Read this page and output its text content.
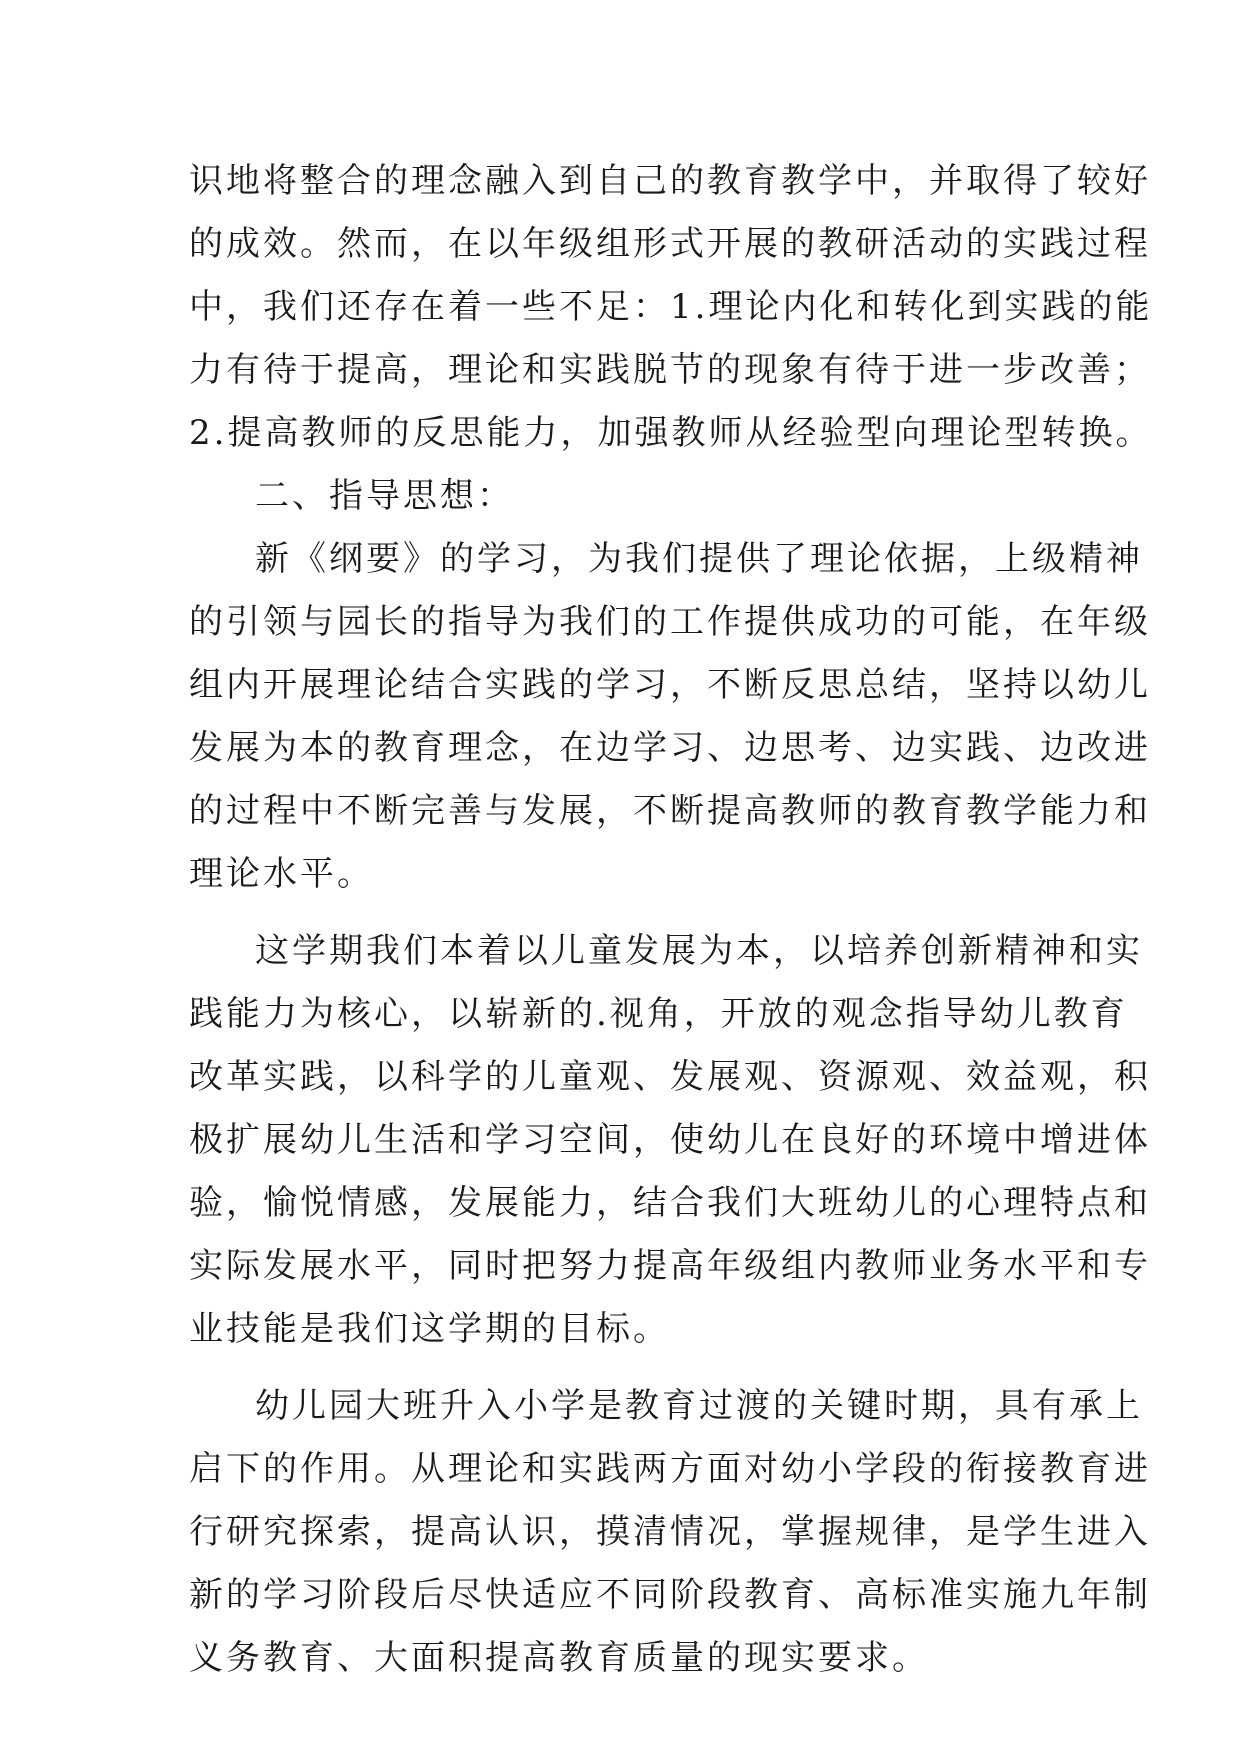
识地将整合的理念融入到自己的教育教学中，并取得了较好
的成效。然而，在以年级组形式开展的教研活动的实践过程
中，我们还存在着一些不足：1.理论内化和转化到实践的能
力有待于提高，理论和实践脱节的现象有待于进一步改善；
2.提高教师的反思能力，加强教师从经验型向理论型转换。
二、指导思想：
新《纲要》的学习，为我们提供了理论依据，上级精神
的引领与园长的指导为我们的工作提供成功的可能，在年级
组内开展理论结合实践的学习，不断反思总结，坚持以幼儿
发展为本的教育理念，在边学习、边思考、边实践、边改进
的过程中不断完善与发展，不断提高教师的教育教学能力和
理论水平。
这学期我们本着以儿童发展为本，以培养创新精神和实
践能力为核心，以崭新的.视角，开放的观念指导幼儿教育
改革实践，以科学的儿童观、发展观、资源观、效益观，积
极扩展幼儿生活和学习空间，使幼儿在良好的环境中增进体
验，愉悦情感，发展能力，结合我们大班幼儿的心理特点和
实际发展水平，同时把努力提高年级组内教师业务水平和专
业技能是我们这学期的目标。
幼儿园大班升入小学是教育过渡的关键时期，具有承上
启下的作用。从理论和实践两方面对幼小学段的衔接教育进
行研究探索，提高认识，摸清情况，掌握规律，是学生进入
新的学习阶段后尽快适应不同阶段教育、高标准实施九年制
义务教育、大面积提高教育质量的现实要求。
